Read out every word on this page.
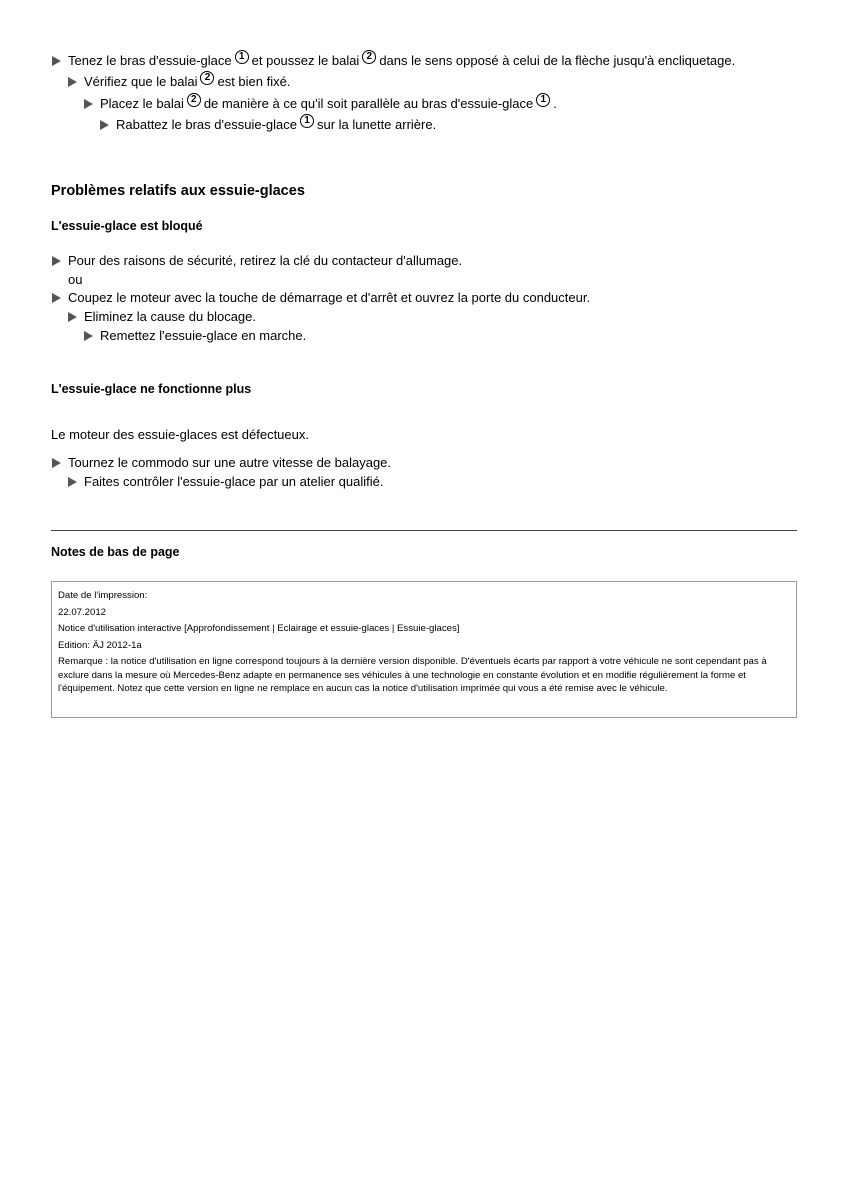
Tenez le bras d'essuie-glace 1 et poussez le balai 2 dans le sens opposé à celui de la flèche jusqu'à encliquetage.
Vérifiez que le balai 2 est bien fixé.
Placez le balai 2 de manière à ce qu'il soit parallèle au bras d'essuie-glace 1 .
Rabattez le bras d'essuie-glace 1 sur la lunette arrière.
Problèmes relatifs aux essuie-glaces
L'essuie-glace est bloqué
Pour des raisons de sécurité, retirez la clé du contacteur d'allumage.
ou
Coupez le moteur avec la touche de démarrage et d'arrêt et ouvrez la porte du conducteur.
Eliminez la cause du blocage.
Remettez l'essuie-glace en marche.
L'essuie-glace ne fonctionne plus
Le moteur des essuie-glaces est défectueux.
Tournez le commodo sur une autre vitesse de balayage.
Faites contrôler l'essuie-glace par un atelier qualifié.
Notes de bas de page
Date de l'impression:
22.07.2012
Notice d'utilisation interactive [Approfondissement | Eclairage et essuie-glaces | Essuie-glaces]
Edition: ÄJ 2012-1a
Remarque : la notice d'utilisation en ligne correspond toujours à la dernière version disponible. D'éventuels écarts par rapport à votre véhicule ne sont cependant pas à exclure dans la mesure où Mercedes-Benz adapte en permanence ses véhicules à une technologie en constante évolution et en modifie régulièrement la forme et l'équipement. Notez que cette version en ligne ne remplace en aucun cas la notice d'utilisation imprimée qui vous a été remise avec le véhicule.
